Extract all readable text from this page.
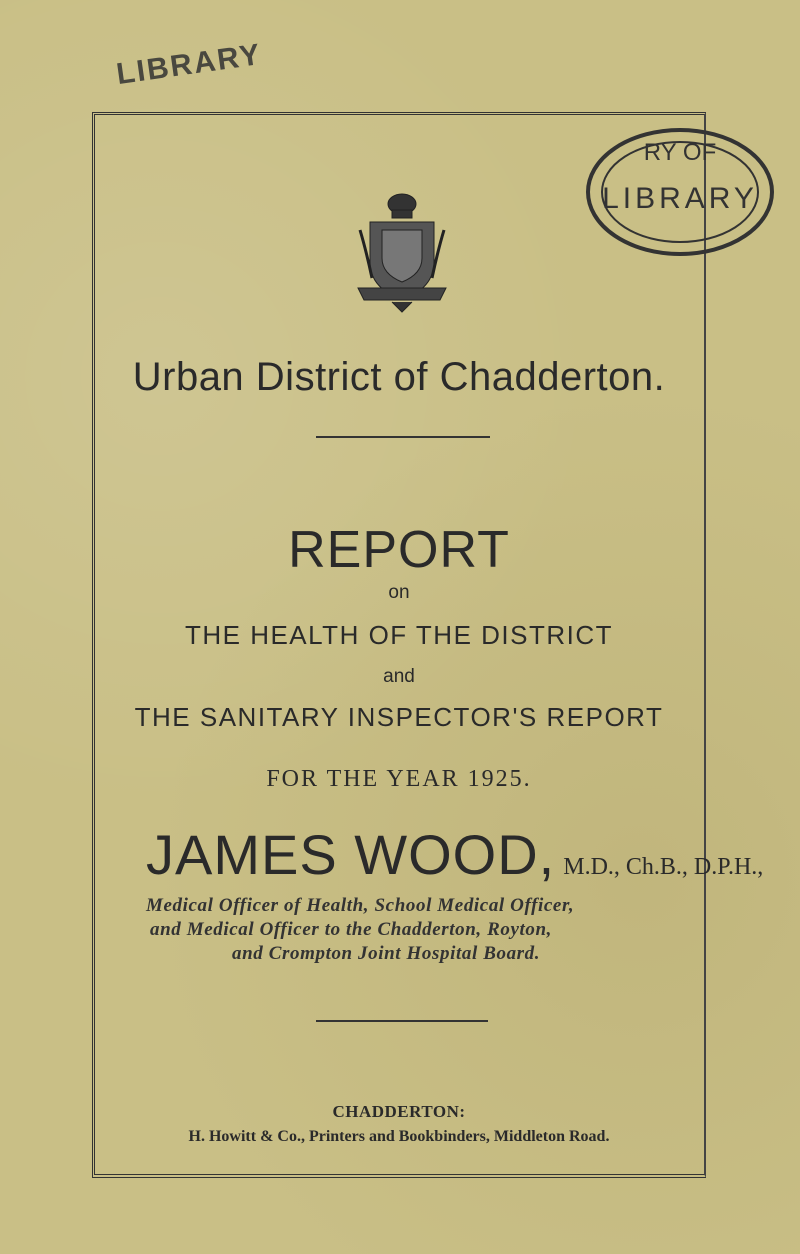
LIBRARY
RY OF
LIBRARY
Urban District of Chadderton.
REPORT
on
THE HEALTH OF THE DISTRICT
and
THE SANITARY INSPECTOR'S REPORT
FOR THE YEAR 1925.
JAMES WOOD, M.D., Ch.B., D.P.H.,
Medical Officer of Health, School Medical Officer,
and Medical Officer to the Chadderton, Royton,
and Crompton Joint Hospital Board.
CHADDERTON:
H. Howitt & Co., Printers and Bookbinders, Middleton Road.
